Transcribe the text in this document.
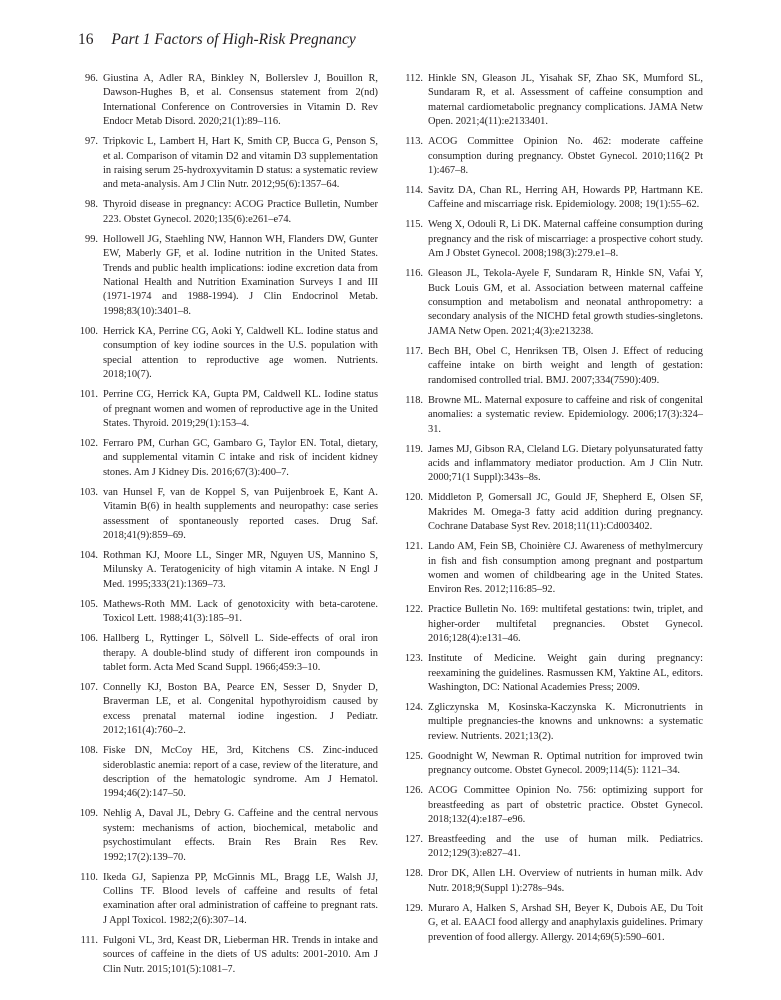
16 Part 1 Factors of High-Risk Pregnancy
96. Giustina A, Adler RA, Binkley N, Bollerslev J, Bouillon R, Dawson-Hughes B, et al. Consensus statement from 2(nd) International Conference on Controversies in Vitamin D. Rev Endocr Metab Disord. 2020;21(1):89–116.
97. Tripkovic L, Lambert H, Hart K, Smith CP, Bucca G, Penson S, et al. Comparison of vitamin D2 and vitamin D3 supplementation in raising serum 25-hydroxyvitamin D status: a systematic review and meta-analysis. Am J Clin Nutr. 2012;95(6):1357–64.
98. Thyroid disease in pregnancy: ACOG Practice Bulletin, Number 223. Obstet Gynecol. 2020;135(6):e261–e74.
99. Hollowell JG, Staehling NW, Hannon WH, Flanders DW, Gunter EW, Maberly GF, et al. Iodine nutrition in the United States. Trends and public health implications: iodine excretion data from National Health and Nutrition Examination Surveys I and III (1971-1974 and 1988-1994). J Clin Endocrinol Metab. 1998;83(10):3401–8.
100. Herrick KA, Perrine CG, Aoki Y, Caldwell KL. Iodine status and consumption of key iodine sources in the U.S. population with special attention to reproductive age women. Nutrients. 2018;10(7).
101. Perrine CG, Herrick KA, Gupta PM, Caldwell KL. Iodine status of pregnant women and women of reproductive age in the United States. Thyroid. 2019;29(1):153–4.
102. Ferraro PM, Curhan GC, Gambaro G, Taylor EN. Total, dietary, and supplemental vitamin C intake and risk of incident kidney stones. Am J Kidney Dis. 2016;67(3):400–7.
103. van Hunsel F, van de Koppel S, van Puijenbroek E, Kant A. Vitamin B(6) in health supplements and neuropathy: case series assessment of spontaneously reported cases. Drug Saf. 2018;41(9):859–69.
104. Rothman KJ, Moore LL, Singer MR, Nguyen US, Mannino S, Milunsky A. Teratogenicity of high vitamin A intake. N Engl J Med. 1995;333(21):1369–73.
105. Mathews-Roth MM. Lack of genotoxicity with beta-carotene. Toxicol Lett. 1988;41(3):185–91.
106. Hallberg L, Ryttinger L, Sölvell L. Side-effects of oral iron therapy. A double-blind study of different iron compounds in tablet form. Acta Med Scand Suppl. 1966;459:3–10.
107. Connelly KJ, Boston BA, Pearce EN, Sesser D, Snyder D, Braverman LE, et al. Congenital hypothyroidism caused by excess prenatal maternal iodine ingestion. J Pediatr. 2012;161(4):760–2.
108. Fiske DN, McCoy HE, 3rd, Kitchens CS. Zinc-induced sideroblastic anemia: report of a case, review of the literature, and description of the hematologic syndrome. Am J Hematol. 1994;46(2):147–50.
109. Nehlig A, Daval JL, Debry G. Caffeine and the central nervous system: mechanisms of action, biochemical, metabolic and psychostimulant effects. Brain Res Brain Res Rev. 1992;17(2):139–70.
110. Ikeda GJ, Sapienza PP, McGinnis ML, Bragg LE, Walsh JJ, Collins TF. Blood levels of caffeine and results of fetal examination after oral administration of caffeine to pregnant rats. J Appl Toxicol. 1982;2(6):307–14.
111. Fulgoni VL, 3rd, Keast DR, Lieberman HR. Trends in intake and sources of caffeine in the diets of US adults: 2001-2010. Am J Clin Nutr. 2015;101(5):1081–7.
112. Hinkle SN, Gleason JL, Yisahak SF, Zhao SK, Mumford SL, Sundaram R, et al. Assessment of caffeine consumption and maternal cardiometabolic pregnancy complications. JAMA Netw Open. 2021;4(11):e2133401.
113. ACOG Committee Opinion No. 462: moderate caffeine consumption during pregnancy. Obstet Gynecol. 2010;116(2 Pt 1):467–8.
114. Savitz DA, Chan RL, Herring AH, Howards PP, Hartmann KE. Caffeine and miscarriage risk. Epidemiology. 2008; 19(1):55–62.
115. Weng X, Odouli R, Li DK. Maternal caffeine consumption during pregnancy and the risk of miscarriage: a prospective cohort study. Am J Obstet Gynecol. 2008;198(3):279.e1–8.
116. Gleason JL, Tekola-Ayele F, Sundaram R, Hinkle SN, Vafai Y, Buck Louis GM, et al. Association between maternal caffeine consumption and metabolism and neonatal anthropometry: a secondary analysis of the NICHD fetal growth studies-singletons. JAMA Netw Open. 2021;4(3):e213238.
117. Bech BH, Obel C, Henriksen TB, Olsen J. Effect of reducing caffeine intake on birth weight and length of gestation: randomised controlled trial. BMJ. 2007;334(7590):409.
118. Browne ML. Maternal exposure to caffeine and risk of congenital anomalies: a systematic review. Epidemiology. 2006;17(3):324–31.
119. James MJ, Gibson RA, Cleland LG. Dietary polyunsaturated fatty acids and inflammatory mediator production. Am J Clin Nutr. 2000;71(1 Suppl):343s–8s.
120. Middleton P, Gomersall JC, Gould JF, Shepherd E, Olsen SF, Makrides M. Omega-3 fatty acid addition during pregnancy. Cochrane Database Syst Rev. 2018;11(11):Cd003402.
121. Lando AM, Fein SB, Choinière CJ. Awareness of methylmercury in fish and fish consumption among pregnant and postpartum women and women of childbearing age in the United States. Environ Res. 2012;116:85–92.
122. Practice Bulletin No. 169: multifetal gestations: twin, triplet, and higher-order multifetal pregnancies. Obstet Gynecol. 2016;128(4):e131–46.
123. Institute of Medicine. Weight gain during pregnancy: reexamining the guidelines. Rasmussen KM, Yaktine AL, editors. Washington, DC: National Academies Press; 2009.
124. Zgliczynska M, Kosinska-Kaczynska K. Micronutrients in multiple pregnancies-the knowns and unknowns: a systematic review. Nutrients. 2021;13(2).
125. Goodnight W, Newman R. Optimal nutrition for improved twin pregnancy outcome. Obstet Gynecol. 2009;114(5): 1121–34.
126. ACOG Committee Opinion No. 756: optimizing support for breastfeeding as part of obstetric practice. Obstet Gynecol. 2018;132(4):e187–e96.
127. Breastfeeding and the use of human milk. Pediatrics. 2012;129(3):e827–41.
128. Dror DK, Allen LH. Overview of nutrients in human milk. Adv Nutr. 2018;9(Suppl 1):278s–94s.
129. Muraro A, Halken S, Arshad SH, Beyer K, Dubois AE, Du Toit G, et al. EAACI food allergy and anaphylaxis guidelines. Primary prevention of food allergy. Allergy. 2014;69(5):590–601.
